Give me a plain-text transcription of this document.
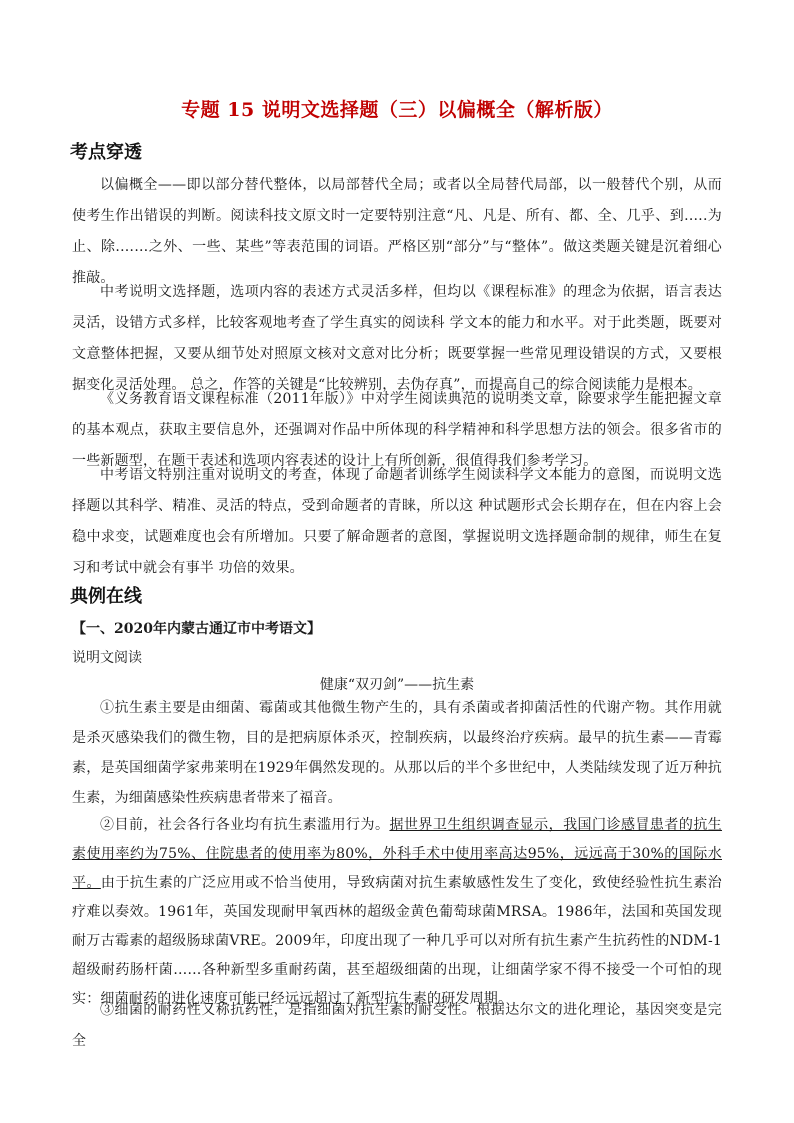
专题 15 说明文选择题（三）以偏概全（解析版）
考点穿透
以偏概全——即以部分替代整体，以局部替代全局；或者以全局替代局部，以一般替代个别，从而使考生作出错误的判断。阅读科技文原文时一定要特别注意“凡、凡是、所有、都、全、几乎、到.….为止、除.……之外、一些、某些”等表范围的词语。严格区别“部分”与“整体”。做这类题关键是沉着细心推敲。
中考说明文选择题，选项内容的表述方式灵活多样，但均以《课程标准》的理念为依据，语言表达灵活，设错方式多样，比较客观地考查了学生真实的阅读科 学文本的能力和水平。对于此类题，既要对文意整体把握，又要从细节处对照原文核对文意对比分析；既要掌握一些常见理设错误的方式，又要根据变化灵活处理。 总之，作答的关键是“比较辨别，去伪存真”，而提高自己的综合阅读能力是根本。
《义务教育语文课程标准（2011年版）》中对学生阅读典范的说明类文章，除要求学生能把握文章的基本观点，获取主要信息外，还强调对作品中所体现的科学精神和科学思想方法的领会。很多省市的一些新题型，在题干表述和选项内容表述的设计上有所创新，很值得我们参考学习。
中考语文特别注重对说明文的考查，体现了命题者训练学生阅读科学文本能力的意图，而说明文选择题以其科学、精准、灵活的特点，受到命题者的青睐，所以这 种试题形式会长期存在，但在内容上会稳中求变，试题难度也会有所增加。只要了解命题者的意图，掌握说明文选择题命制的规律，师生在复习和考试中就会有事半 功倍的效果。
典例在线
【一、2020年内蒙古通辽市中考语文】
说明文阅读
健康“双刃剑”——抗生素
①抗生素主要是由细菌、霉菌或其他微生物产生的，具有杀菌或者抑菌活性的代谢产物。其作用就是杀灭感染我们的微生物，目的是把病原体杀灭，控制疾病，以最终治疗疾病。最早的抗生素——青霉素，是英国细菌学家弗莱明在1929年偶然发现的。从那以后的半个多世纪中，人类陆续发现了近万种抗生素，为细菌感染性疾病患者带来了福音。
②目前，社会各行各业均有抗生素滥用行为。据世界卫生组织调查显示，我国门诊感冒患者的抗生素使用率约为75%、住院患者的使用率为80%，外科手术中使用率高达95%，远远高于30%的国际水平。由于抗生素的广泛应用或不恰当使用，导致病菌对抗生素敏感性发生了变化，致使经验性抗生素治疗难以奏效。1961年，英国发现耐甲氧西林的超级金黄色葡萄球菌MRSA。1986年，法国和英国发现耐万古霉素的超级肠球菌VRE。2009年，印度出现了一种几乎可以对所有抗生素产生抗药性的NDM-1超级耐药肠杆菌……各种新型多重耐药菌，甚至超级细菌的出现，让细菌学家不得不接受一个可怕的现实：细菌耐药的进化速度可能已经远远超过了新型抗生素的研发周期。
③细菌的耐药性又称抗药性，是指细菌对抗生素的耐受性。根据达尔文的进化理论，基因突变是完全
